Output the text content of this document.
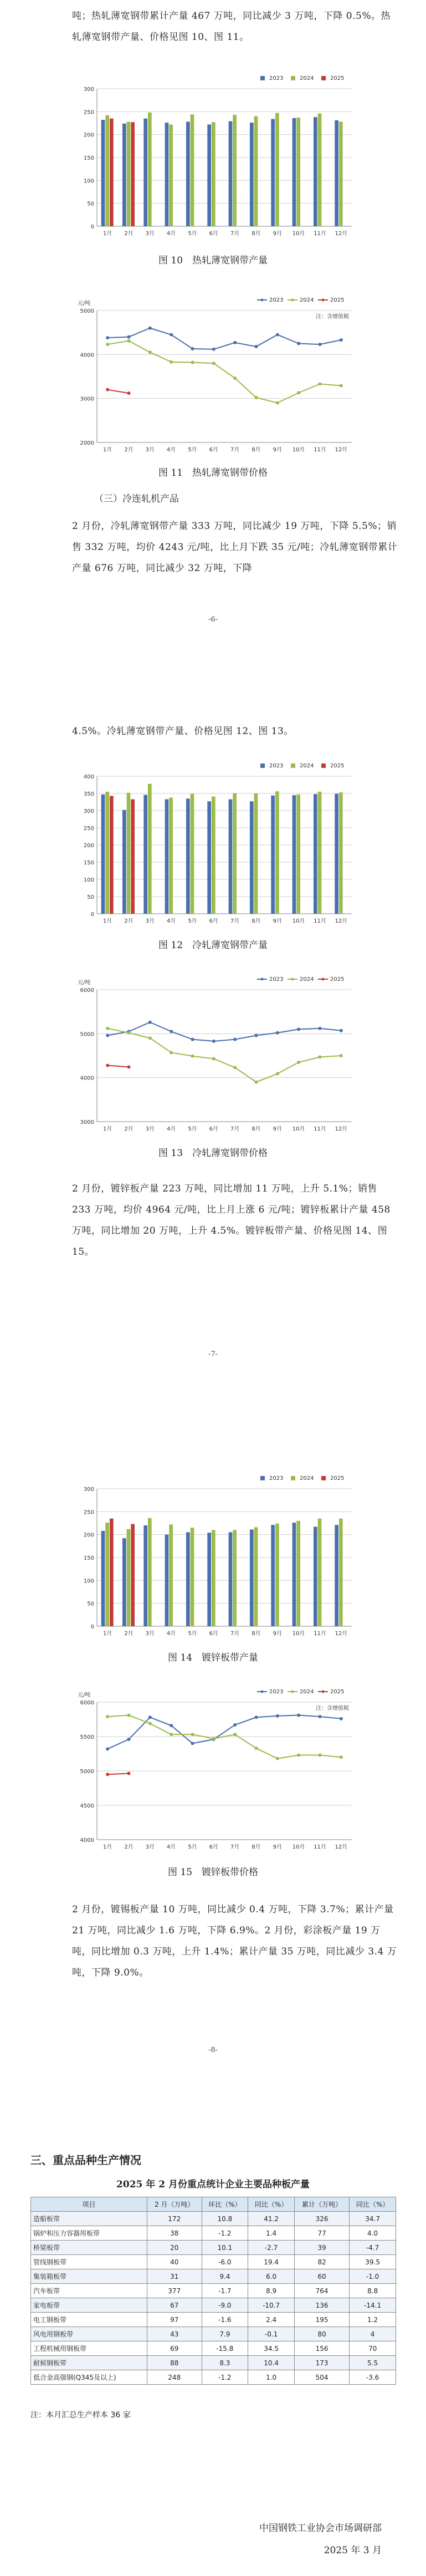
吨；热轧薄宽钢带累计产量 467 万吨，同比减少 3 万吨，下降 0.5%。热轧薄宽钢带产量、价格见图 10、图 11。
0
50
100
150
200
250
300
1月 2月 3月 4月 5月 6月 7月 8月 9月 10月 11月 12月
2023	2024	2025
图 10　热轧薄宽钢带产量
2000
3000
4000
5000
1月 2月 3月 4月 5月 6月 7月 8月 9月 10月 11月 12月
元/吨
2023	2024	2025
注：含增值税
图 11　热轧薄宽钢带价格
（三）冷连轧机产品
2 月份，冷轧薄宽钢带产量 333 万吨，同比减少 19 万吨，下降 5.5%；销售 332 万吨，均价 4243 元/吨，比上月下跌 35 元/吨；冷轧薄宽钢带累计产量 676 万吨，同比减少 32 万吨，下降
-6-
4.5%。冷轧薄宽钢带产量、价格见图 12、图 13。
0
50
100
150
200
250
300
350
400
1月 2月 3月 4月 5月 6月 7月 8月 9月 10月 11月 12月
2023	2024	2025
图 12　冷轧薄宽钢带产量
3000
4000
5000
6000
1月 2月 3月 4月 5月 6月 7月 8月 9月 10月 11月 12月
元/吨
2023	2024	2025
图 13　冷轧薄宽钢带价格
2 月份，镀锌板产量 223 万吨，同比增加 11 万吨，上升 5.1%；销售 233 万吨，均价 4964 元/吨，比上月上涨 6 元/吨；镀锌板累计产量 458 万吨，同比增加 20 万吨，上升 4.5%。镀锌板带产量、价格见图 14、图 15。
-7-
0
50
100
150
200
250
300
1月 2月 3月 4月 5月 6月 7月 8月 9月 10月 11月 12月
2023	2024	2025
图 14　镀锌板带产量
4000
4500
5000
5500
6000
1月 2月 3月 4月 5月 6月 7月 8月 9月 10月 11月 12月
元/吨
2023	2024	2025
注：含增值税
图 15　镀锌板带价格
2 月份，镀锡板产量 10 万吨，同比减少 0.4 万吨，下降 3.7%；累计产量 21 万吨，同比减少 1.6 万吨，下降 6.9%。2 月份，彩涂板产量 19 万吨，同比增加 0.3 万吨，上升 1.4%；累计产量 35 万吨，同比减少 3.4 万吨，下降 9.0%。
-8-
三、重点品种生产情况
2025 年 2 月份重点统计企业主要品种板产量
项目	2 月（万吨）	环比（%）	同比（%）	累计（万吨）	同比（%）
造船板带	172	10.8	41.2	326	34.7
锅炉和压力容器用板带	38	-1.2	1.4	77	4.0
桥梁板带	20	10.1	-2.7	39	-4.7
管线钢板带	40	-6.0	19.4	82	39.5
集装箱板带	31	9.4	6.0	60	-1.0
汽车板带	377	-1.7	8.9	764	8.8
家电板带	67	-9.0	-10.7	136	-14.1
电工钢板带	97	-1.6	2.4	195	1.2
风电用钢板带	43	7.9	-0.1	80	4
工程机械用钢板带	69	-15.8	34.5	156	70
耐候钢板带	88	8.3	10.4	173	5.5
低合金高强钢(Q345及以上)	248	-1.2	1.0	504	-3.6
注：本月汇总生产样本 36 家
中国钢铁工业协会市场调研部
2025 年 3 月
